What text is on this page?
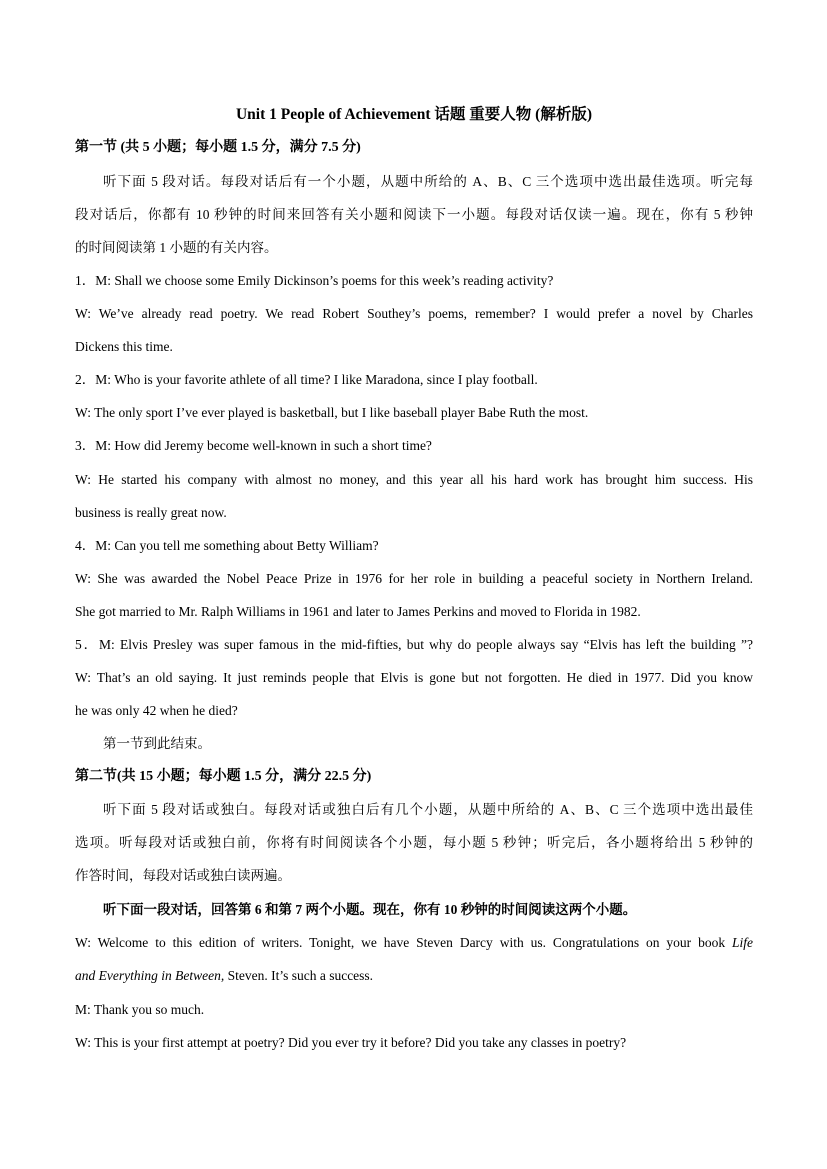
Unit 1 People of Achievement 话题 重要人物 (解析版)
第一节 (共 5 小题；每小题 1.5 分，满分 7.5 分)
听下面 5 段对话。每段对话后有一个小题，从题中所给的 A、B、C 三个选项中选出最佳选项。听完每
段对话后，你都有 10 秒钟的时间来回答有关小题和阅读下一小题。每段对话仅读一遍。现在，你有 5 秒钟
的时间阅读第 1 小题的有关内容。
1．M: Shall we choose some Emily Dickinson’s poems for this week’s reading activity?
W: We’ve already read poetry. We read Robert Southey’s poems, remember? I would prefer a novel by Charles
Dickens this time.
2．M: Who is your favorite athlete of all time? I like Maradona, since I play football.
W: The only sport I’ve ever played is basketball, but I like baseball player Babe Ruth the most.
3．M: How did Jeremy become well-known in such a short time?
W: He started his company with almost no money, and this year all his hard work has brought him success. His
business is really great now.
4．M: Can you tell me something about Betty William?
W: She was awarded the Nobel Peace Prize in 1976 for her role in building a peaceful society in Northern Ireland.
She got married to Mr. Ralph Williams in 1961 and later to James Perkins and moved to Florida in 1982.
5．M: Elvis Presley was super famous in the mid-fifties, but why do people always say “Elvis has left the building ”?
W: That’s an old saying. It just reminds people that Elvis is gone but not forgotten. He died in 1977. Did you know
he was only 42 when he died?
第一节到此结束。
第二节(共 15 小题；每小题 1.5 分，满分 22.5 分)
听下面 5 段对话或独白。每段对话或独白后有几个小题，从题中所给的 A、B、C 三个选项中选出最佳
选项。听每段对话或独白前，你将有时间阅读各个小题，每小题 5 秒钟；听完后，各小题将给出 5 秒钟的
作答时间，每段对话或独白读两遍。
听下面一段对话，回答第 6 和第 7 两个小题。现在，你有 10 秒钟的时间阅读这两个小题。
W: Welcome to this edition of writers. Tonight, we have Steven Darcy with us. Congratulations on your book Life
and Everything in Between, Steven. It’s such a success.
M: Thank you so much.
W: This is your first attempt at poetry? Did you ever try it before? Did you take any classes in poetry?
